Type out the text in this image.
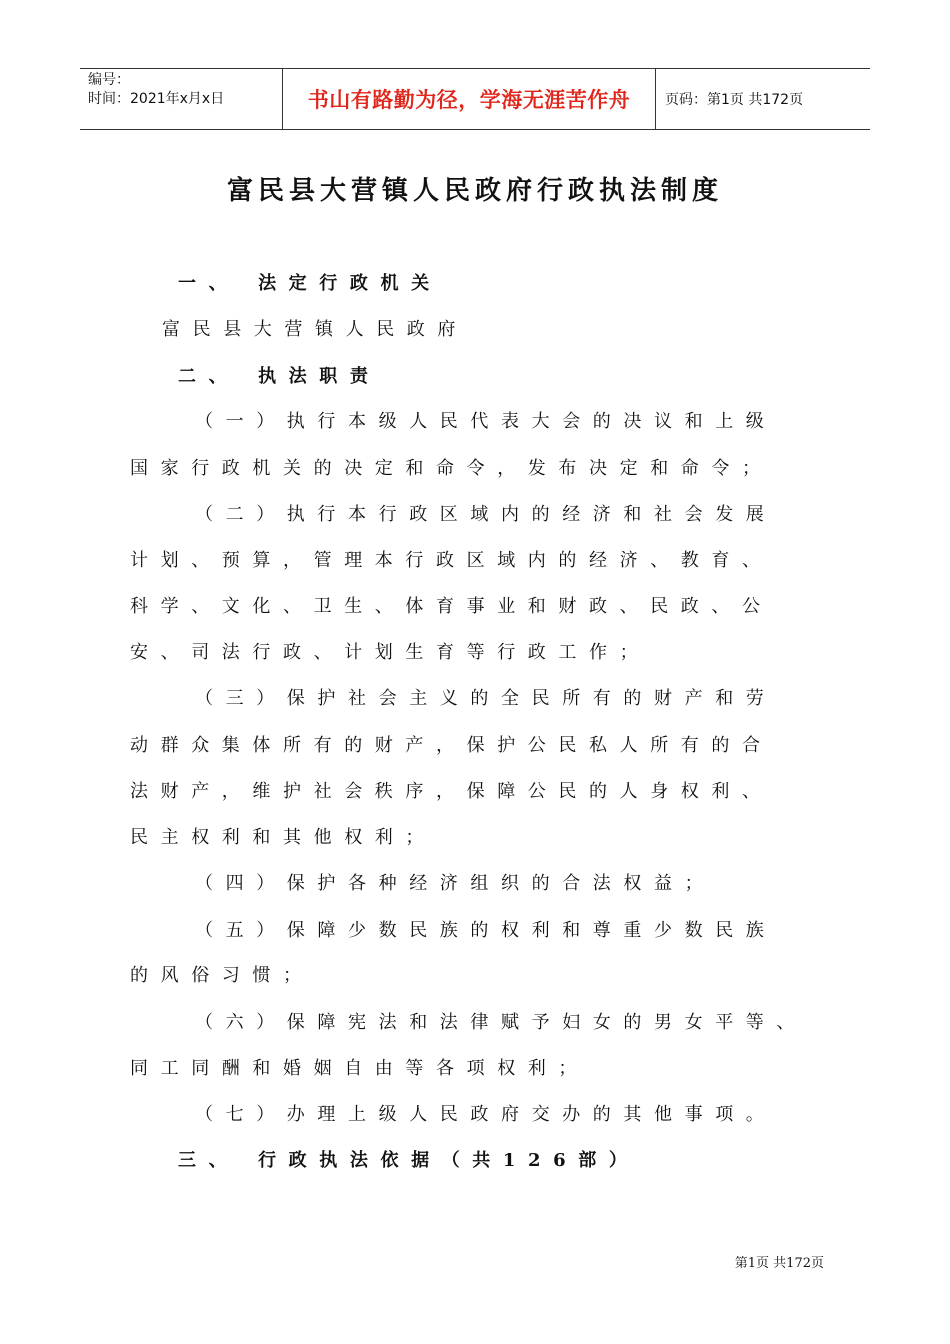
编号：
时间：2021年x月x日	书山有路勤为径，学海无涯苦作舟	页码：第1页 共172页
富民县大营镇人民政府行政执法制度
一、 法定行政机关
富民县大营镇人民政府
二、 执法职责
（一）执行本级人民代表大会的决议和上级
国家行政机关的决定和命令，发布决定和命令；
（二）执行本行政区域内的经济和社会发展
计划、预算，管理本行政区域内的经济、教育、
科学、文化、卫生、体育事业和财政、民政、公
安、司法行政、计划生育等行政工作；
（三）保护社会主义的全民所有的财产和劳
动群众集体所有的财产，保护公民私人所有的合
法财产，维护社会秩序，保障公民的人身权利、
民主权利和其他权利；
（四）保护各种经济组织的合法权益；
（五）保障少数民族的权利和尊重少数民族
的风俗习惯；
（六）保障宪法和法律赋予妇女的男女平等、
同工同酬和婚姻自由等各项权利；
（七）办理上级人民政府交办的其他事项。
三、 行政执法依据（共126部）
第1页 共172页
